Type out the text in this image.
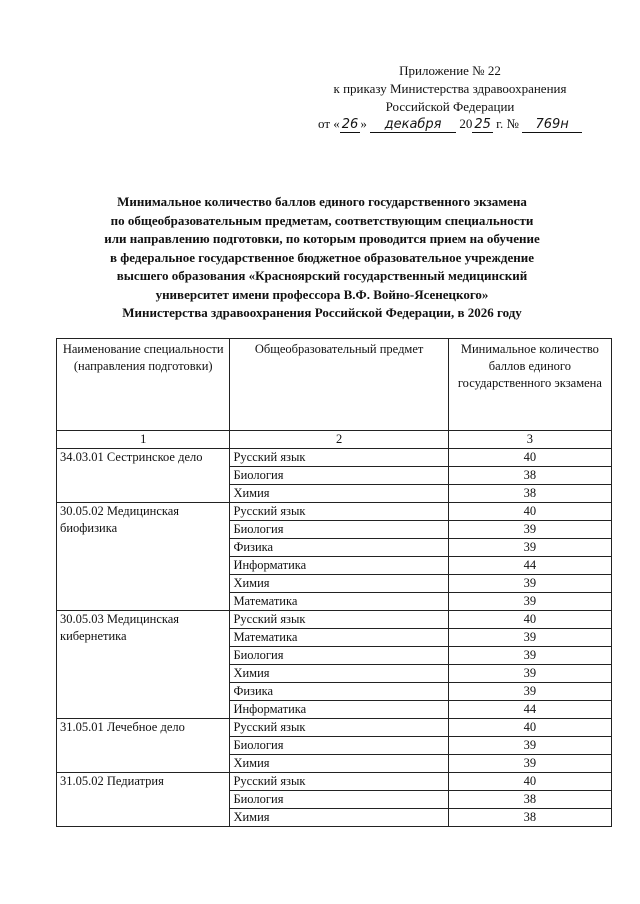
Приложение № 22
к приказу Министерства здравоохранения
Российской Федерации
от « 26 » декабря 20 25 г. № 769н
Минимальное количество баллов единого государственного экзамена
по общеобразовательным предметам, соответствующим специальности
или направлению подготовки, по которым проводится прием на обучение
в федеральное государственное бюджетное образовательное учреждение
высшего образования «Красноярский государственный медицинский
университет имени профессора В.Ф. Войно-Ясенецкого»
Министерства здравоохранения Российской Федерации, в 2026 году
Наименование специальности (направления подготовки)	Общеобразовательный предмет	Минимальное количество баллов единого государственного экзамена
1	2	3
34.03.01 Сестринское дело	Русский язык	40
	Биология	38
	Химия	38
30.05.02 Медицинская биофизика	Русский язык	40
	Биология	39
	Физика	39
	Информатика	44
	Химия	39
	Математика	39
30.05.03 Медицинская кибернетика	Русский язык	40
	Математика	39
	Биология	39
	Химия	39
	Физика	39
	Информатика	44
31.05.01 Лечебное дело	Русский язык	40
	Биология	39
	Химия	39
31.05.02 Педиатрия	Русский язык	40
	Биология	38
	Химия	38
